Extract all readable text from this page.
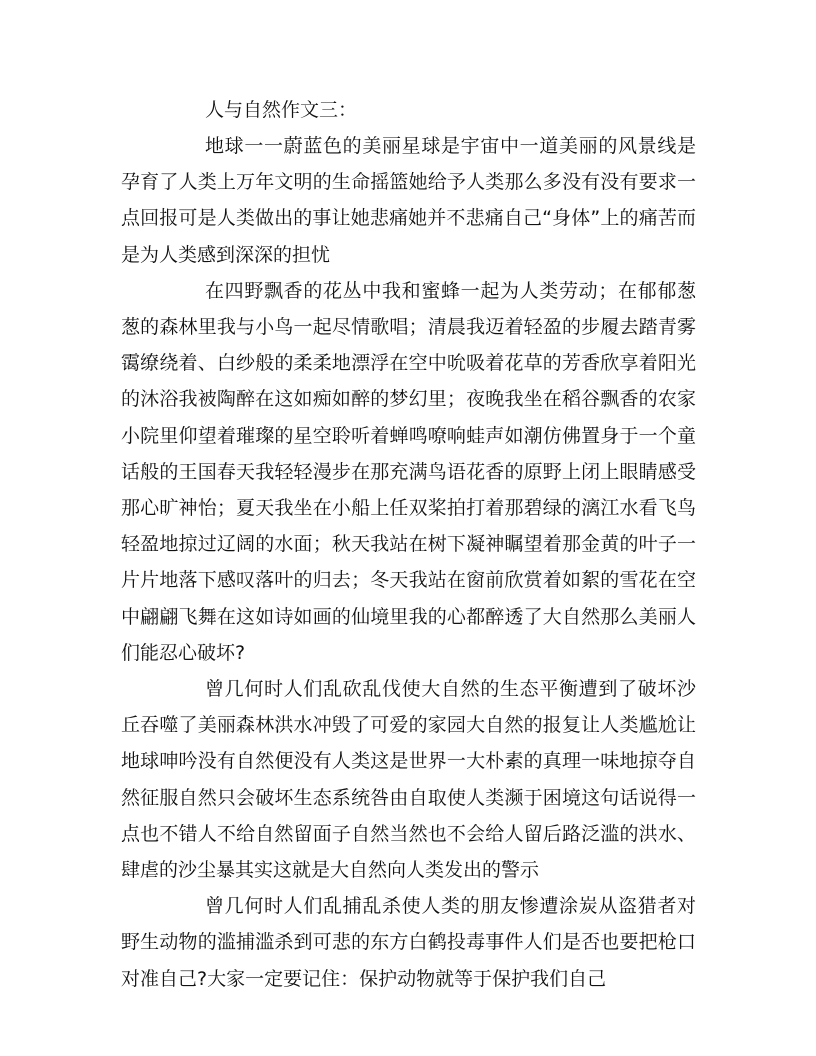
人与自然作文三：

地球一一蔚蓝色的美丽星球是宇宙中一道美丽的风景线是孕育了人类上万年文明的生命摇篮她给予人类那么多没有没有要求一点回报可是人类做出的事让她悲痛她并不悲痛自己“身体”上的痛苦而是为人类感到深深的担忧

在四野飘香的花丛中我和蜜蜂一起为人类劳动；在郁郁葱葱的森林里我与小鸟一起尽情歌唱；清晨我迈着轻盈的步履去踏青雾霭缭绕着、白纱般的柔柔地漂浮在空中吮吸着花草的芳香欣享着阳光的沐浴我被陶醉在这如痴如醉的梦幻里；夜晚我坐在稻谷飘香的农家小院里仰望着璀璨的星空聆听着蝉鸣嘹响蛙声如潮仿佛置身于一个童话般的王国春天我轻轻漫步在那充满鸟语花香的原野上闭上眼睛感受那心旷神怡；夏天我坐在小船上任双桨拍打着那碧绿的漓江水看飞鸟轻盈地掠过辽阔的水面；秋天我站在树下凝神瞩望着那金黄的叶子一片片地落下感叹落叶的归去；冬天我站在窗前欣赏着如絮的雪花在空中翩翩飞舞在这如诗如画的仙境里我的心都醉透了大自然那么美丽人们能忍心破坏?

曾几何时人们乱砍乱伐使大自然的生态平衡遭到了破坏沙丘吞噬了美丽森林洪水冲毁了可爱的家园大自然的报复让人类尴尬让地球呻吟没有自然便没有人类这是世界一大朴素的真理一味地掠夺自然征服自然只会破坏生态系统咎由自取使人类濒于困境这句话说得一点也不错人不给自然留面子自然当然也不会给人留后路泛滥的洪水、肆虐的沙尘暴其实这就是大自然向人类发出的警示

曾几何时人们乱捕乱杀使人类的朋友惨遭涂炭从盗猎者对野生动物的滥捕滥杀到可悲的东方白鹤投毒事件人们是否也要把枪口对准自己?大家一定要记住：保护动物就等于保护我们自己
